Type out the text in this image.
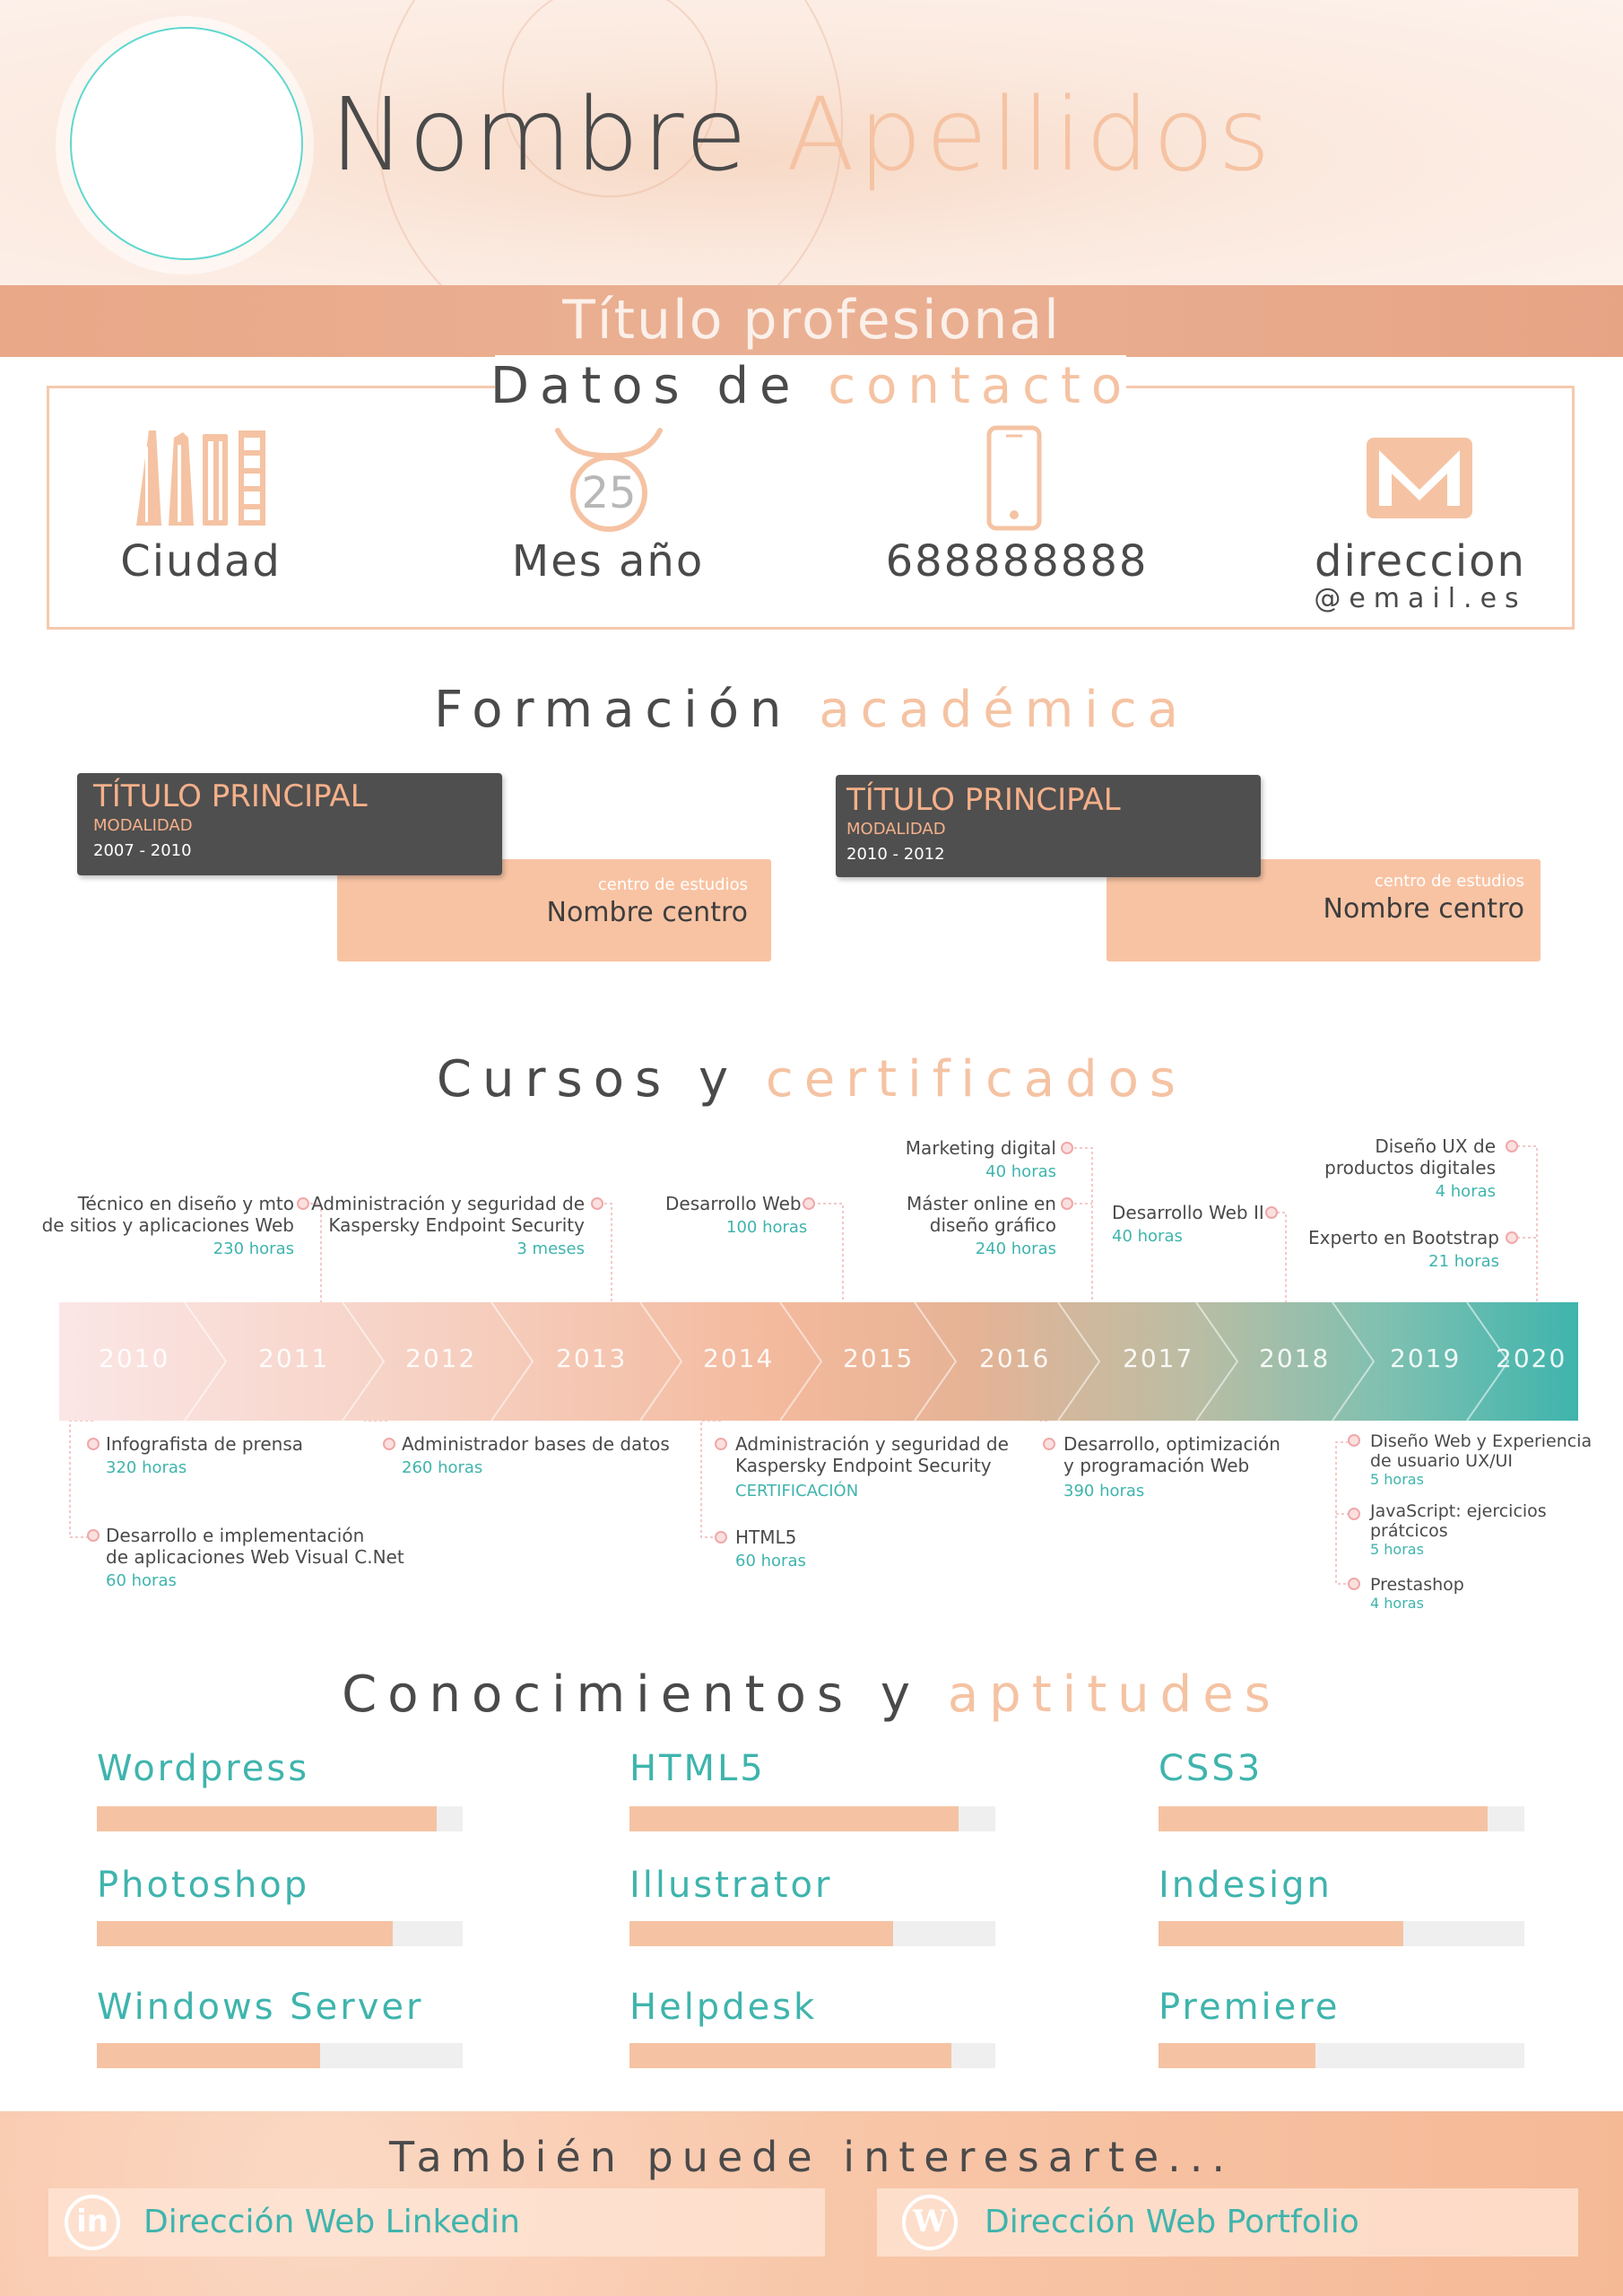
Nombre Apellidos
Título profesional
Datos de contacto
Ciudad
25
Mes año	688888888	direccion
@email.es
Formación académica
TÍTULO PRINCIPAL
MODALIDAD
2007 - 2010
centro de estudios
Nombre centro
TÍTULO PRINCIPAL
MODALIDAD
2010 - 2012
centro de estudios
Nombre centro
Cursos y certificados
2010	2011	2012	2013	2014	2015	2016	2017	2018 2019 2020
Técnico en diseño y mto
de sitios y aplicaciones Web
230 horas
Administración y seguridad de
Kaspersky Endpoint Security
3 meses
Desarrollo Web
100 horas
Marketing digital
40 horas
Máster online en
diseño gráfico
240 horas
Desarrollo Web II
40 horas
Diseño UX de
productos digitales
4 horas
Experto en Bootstrap
21 horas
Infografista de prensa
320 horas
Desarrollo e implementación
de aplicaciones Web Visual C.Net
60 horas
Administrador bases de datos
260 horas
Administración y seguridad de
Kaspersky Endpoint Security
CERTIFICACIÓN
HTML5
60 horas
Desarrollo, optimización
y programación Web
390 horas
Diseño Web y Experiencia
de usuario UX/UI
5 horas
JavaScript: ejercicios
prátcicos
5 horas
Prestashop
4 horas
Conocimientos y aptitudes
Wordpress	HTML5	CSS3
Photoshop	Illustrator	Indesign
Windows Server	Helpdesk	Premiere
También puede interesarte...
in Dirección Web Linkedin	W Dirección Web Portfolio
